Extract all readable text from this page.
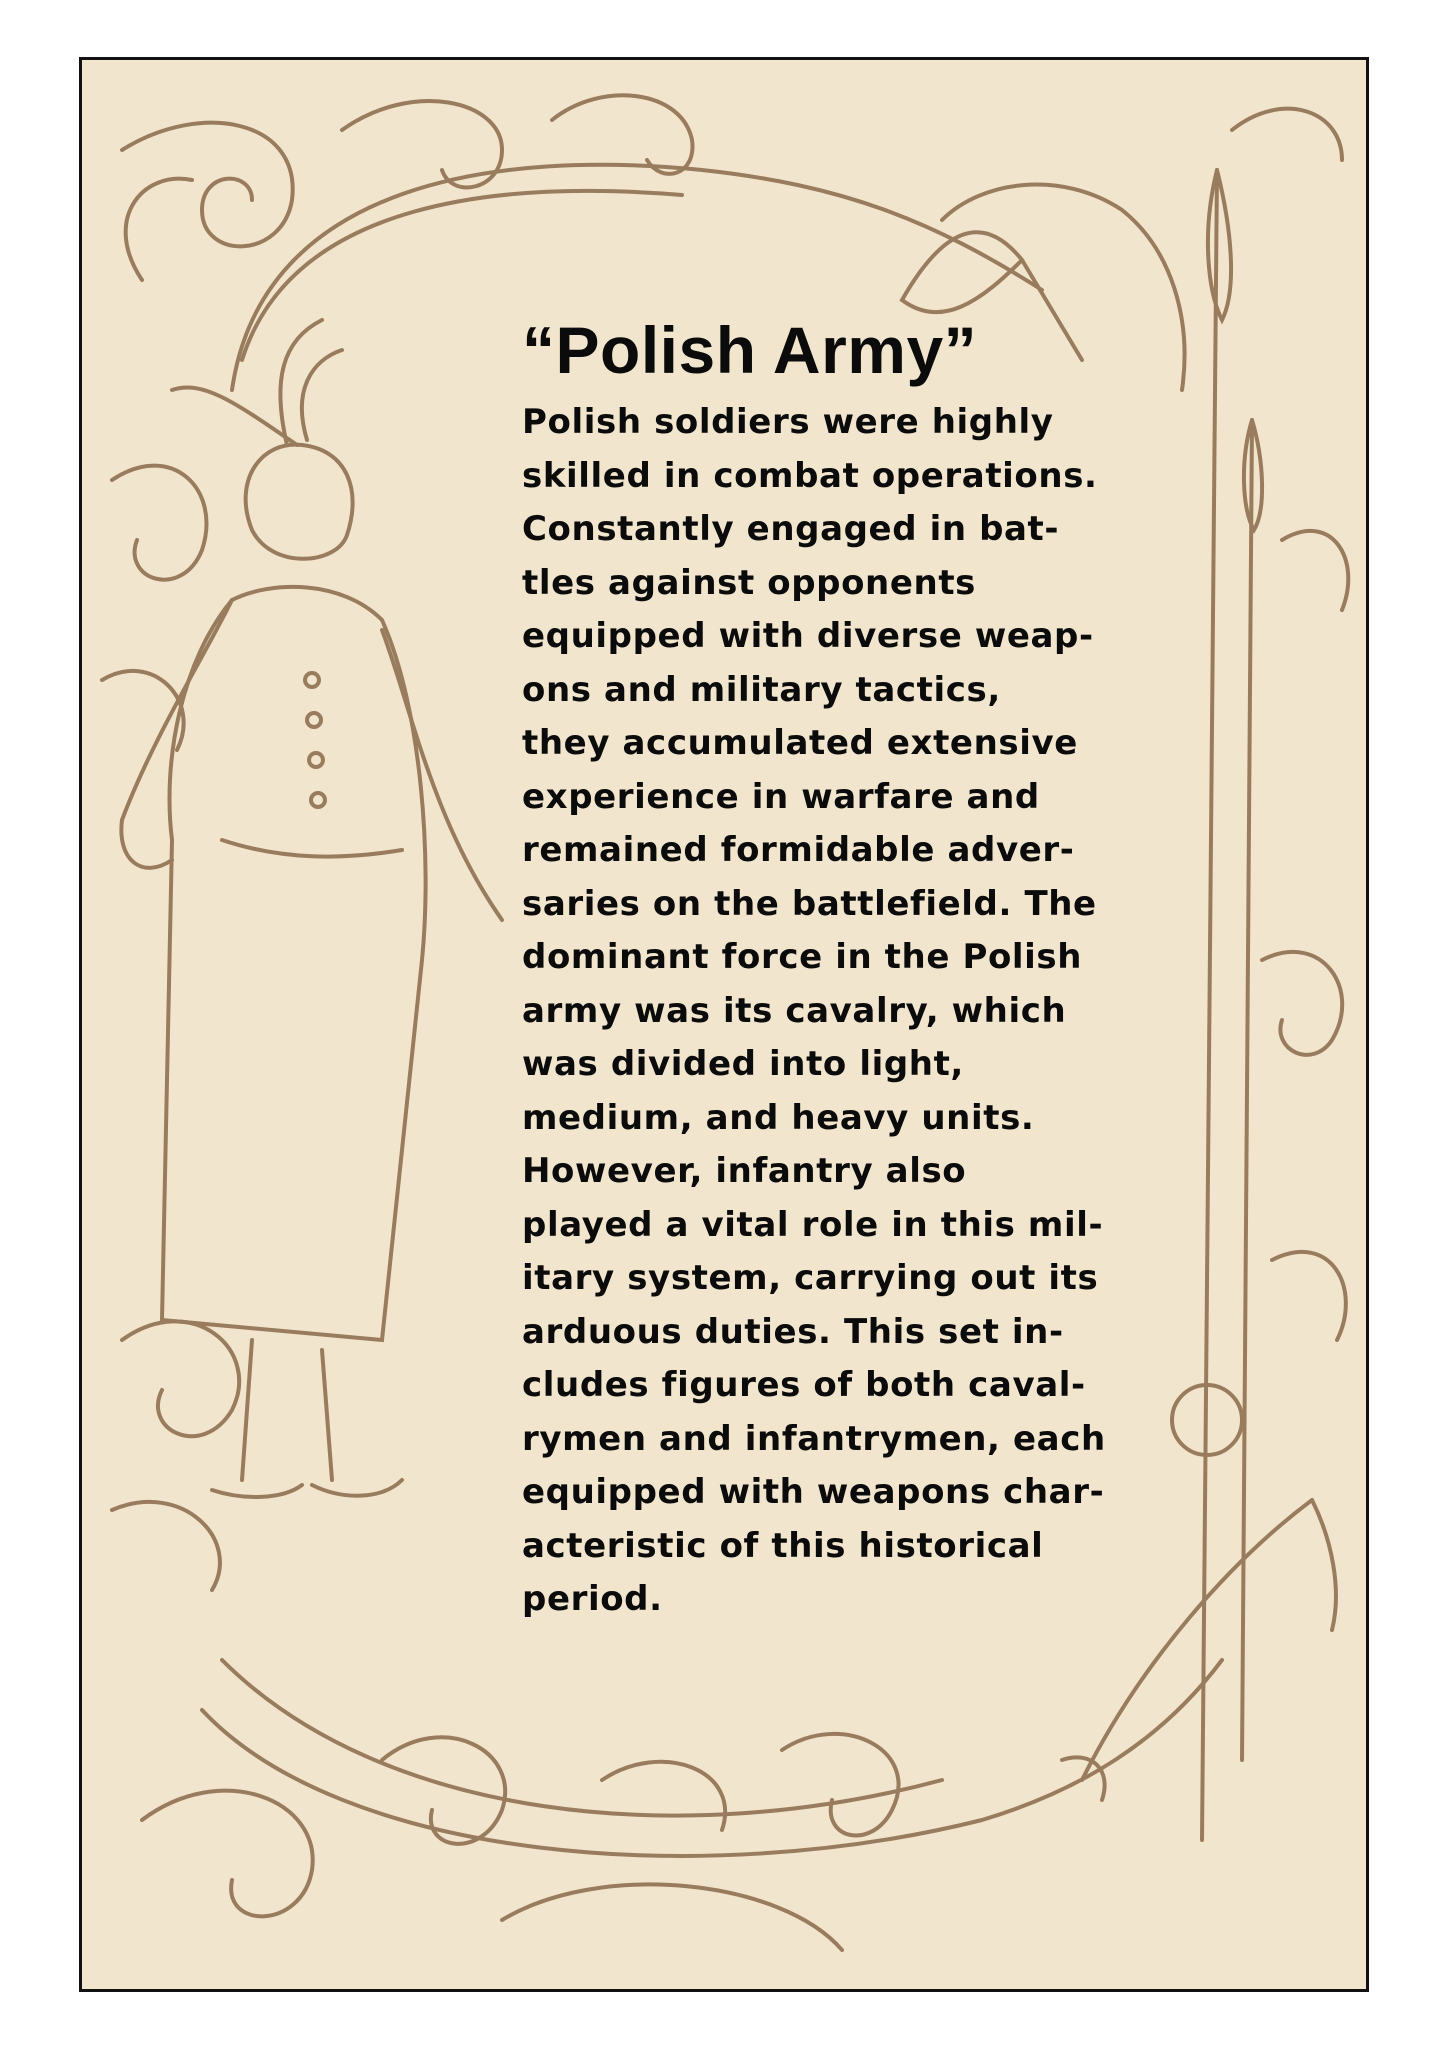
“Polish Army”
Polish soldiers were highly
skilled in combat operations.
Constantly engaged in bat-
tles against opponents
equipped with diverse weap-
ons and military tactics,
they accumulated extensive
experience in warfare and
remained formidable adver-
saries on the battlefield. The
dominant force in the Polish
army was its cavalry, which
was divided into light,
medium, and heavy units.
However, infantry also
played a vital role in this mil-
itary system, carrying out its
arduous duties. This set in-
cludes figures of both caval-
rymen and infantrymen, each
equipped with weapons char-
acteristic of this historical
period.
